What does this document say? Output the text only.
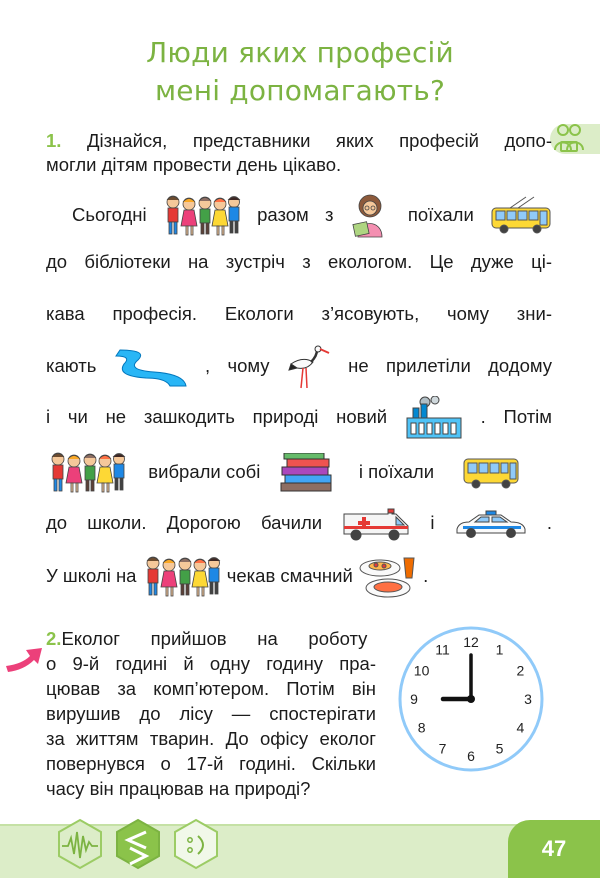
Люди яких професій
мені допомагають?
1. Дізнайся, представники яких професій допо-
могли дітям провести день цікаво.
Сьогодні	разом з	поїхали
до бібліотеки на зустріч з екологом. Це дуже ці-
кава професія. Екологи з’ясовують, чому зни-
кають	, чому	не прилетіли додому
і чи не зашкодить природі новий	. Потім
вибрали собі	і поїхали
до школи. Дорогою бачили	і	.
У школі на	чекав смачний	.
2.Еколог прийшов на роботу
о 9-й годині й одну годину пра-
цював за комп’ютером. Потім він
вирушив до лісу — спостерігати
за життям тварин. До офісу еколог
повернувся о 17-й годині. Скільки
часу він працював на природі?
12 1
2
3
4
5
6
7
8
9
10
11
47
